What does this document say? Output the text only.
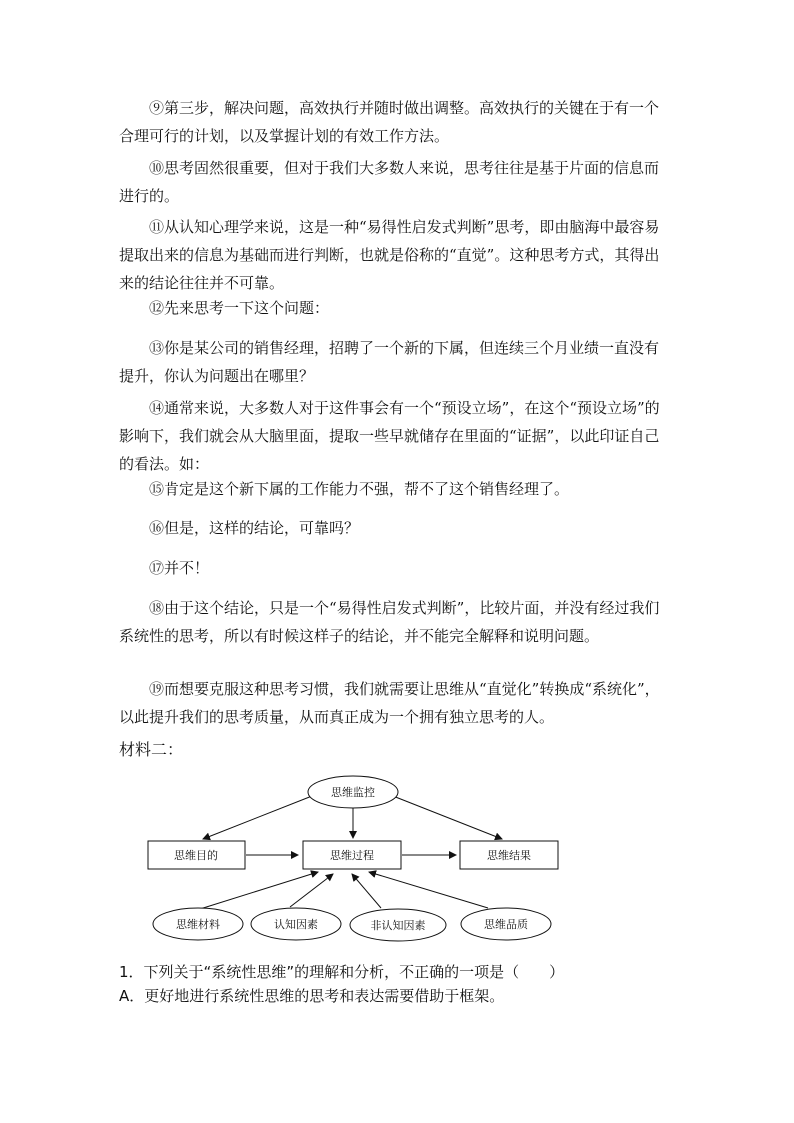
　　⑨第三步，解决问题，高效执行并随时做出调整。高效执行的关键在于有一个合理可行的计划，以及掌握计划的有效工作方法。

　　⑩思考固然很重要，但对于我们大多数人来说，思考往往是基于片面的信息而进行的。

　　⑪从认知心理学来说，这是一种“易得性启发式判断”思考，即由脑海中最容易提取出来的信息为基础而进行判断，也就是俗称的“直觉”。这种思考方式，其得出来的结论往往并不可靠。

　　⑫先来思考一下这个问题：

　　⑬你是某公司的销售经理，招聘了一个新的下属，但连续三个月业绩一直没有提升，你认为问题出在哪里？

　　⑭通常来说，大多数人对于这件事会有一个“预设立场”，在这个“预设立场”的影响下，我们就会从大脑里面，提取一些早就储存在里面的“证据”，以此印证自己的看法。如：

　　⑮肯定是这个新下属的工作能力不强，帮不了这个销售经理了。

　　⑯但是，这样的结论，可靠吗？

　　⑰并不！

　　⑱由于这个结论，只是一个“易得性启发式判断”，比较片面，并没有经过我们系统性的思考，所以有时候这样子的结论，并不能完全解释和说明问题。

　　⑲而想要克服这种思考习惯，我们就需要让思维从“直觉化”转换成“系统化”，以此提升我们的思考质量，从而真正成为一个拥有独立思考的人。

材料二：

思维监控
思维目的	思维过程	思维结果
思维材料	认知因素	非认知因素	思维品质

1．下列关于“系统性思维”的理解和分析，不正确的一项是（　　）

A．更好地进行系统性思维的思考和表达需要借助于框架。
